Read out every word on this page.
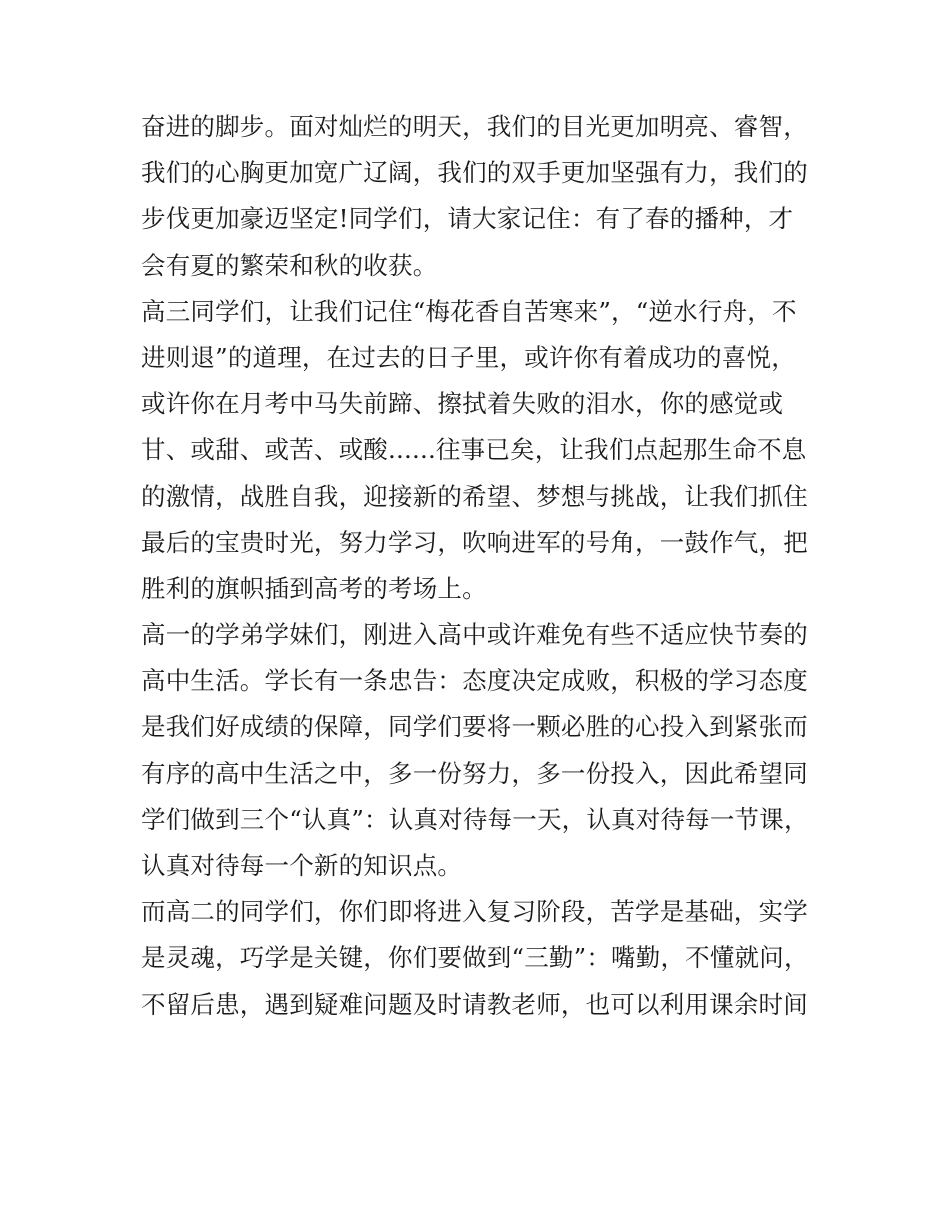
奋进的脚步。面对灿烂的明天，我们的目光更加明亮、睿智，
我们的心胸更加宽广辽阔，我们的双手更加坚强有力，我们的
步伐更加豪迈坚定!同学们，请大家记住：有了春的播种，才
会有夏的繁荣和秋的收获。
高三同学们，让我们记住“梅花香自苦寒来”，“逆水行舟，不
进则退”的道理，在过去的日子里，或许你有着成功的喜悦，
或许你在月考中马失前蹄、擦拭着失败的泪水，你的感觉或
甘、或甜、或苦、或酸......往事已矣，让我们点起那生命不息
的激情，战胜自我，迎接新的希望、梦想与挑战，让我们抓住
最后的宝贵时光，努力学习，吹响进军的号角，一鼓作气，把
胜利的旗帜插到高考的考场上。
高一的学弟学妹们，刚进入高中或许难免有些不适应快节奏的
高中生活。学长有一条忠告：态度决定成败，积极的学习态度
是我们好成绩的保障，同学们要将一颗必胜的心投入到紧张而
有序的高中生活之中，多一份努力，多一份投入，因此希望同
学们做到三个“认真”：认真对待每一天，认真对待每一节课，
认真对待每一个新的知识点。
而高二的同学们，你们即将进入复习阶段，苦学是基础，实学
是灵魂，巧学是关键，你们要做到“三勤”：嘴勤，不懂就问，
不留后患，遇到疑难问题及时请教老师，也可以利用课余时间
